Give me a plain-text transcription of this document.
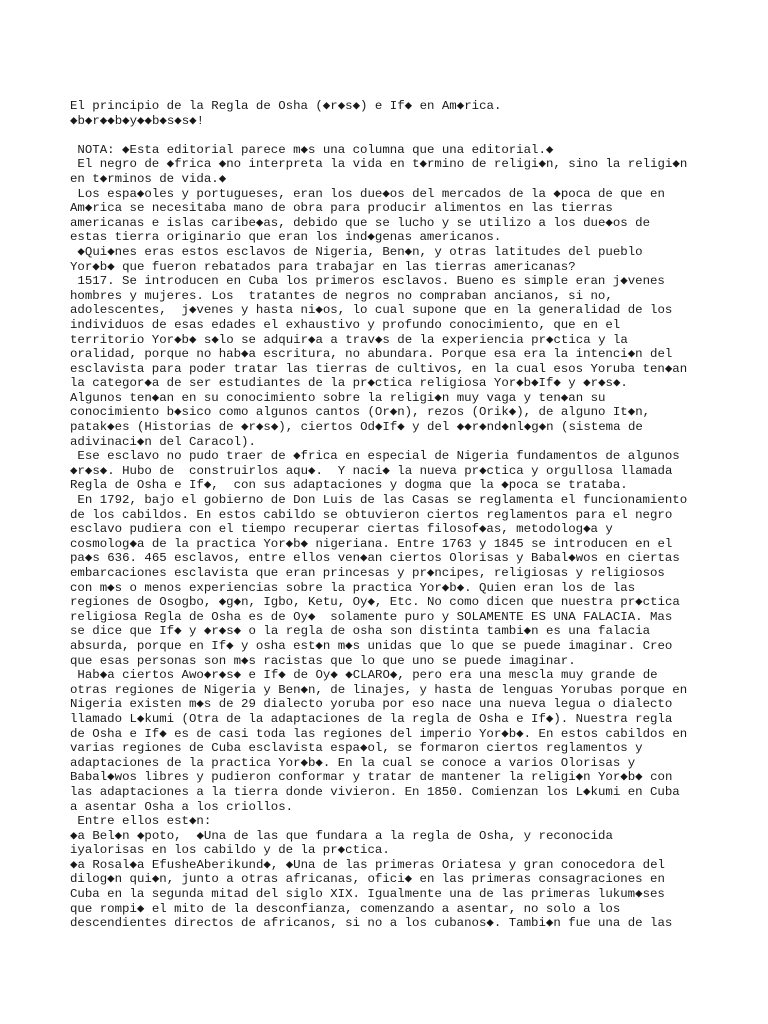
El principio de la Regla de Osha (◆r◆s◆) e If◆ en Am◆rica.
◆b◆r◆◆b◆y◆◆b◆s◆s◆!
NOTA: ◆Esta editorial parece m◆s una columna que una editorial.◆
El negro de ◆frica ◆no interpreta la vida en t◆rmino de religi◆n, sino la religi◆n
en t◆rminos de vida.◆
Los espa◆oles y portugueses, eran los due◆os del mercados de la ◆poca de que en
Am◆rica se necesitaba mano de obra para producir alimentos en las tierras
americanas e islas caribe◆as, debido que se lucho y se utilizo a los due◆os de
estas tierra originario que eran los ind◆genas americanos.
◆Qui◆nes eras estos esclavos de Nigeria, Ben◆n, y otras latitudes del pueblo
Yor◆b◆ que fueron rebatados para trabajar en las tierras americanas?
1517. Se introducen en Cuba los primeros esclavos. Bueno es simple eran j◆venes
hombres y mujeres. Los  tratantes de negros no compraban ancianos, si no,
adolescentes,  j◆venes y hasta ni◆os, lo cual supone que en la generalidad de los
individuos de esas edades el exhaustivo y profundo conocimiento, que en el
territorio Yor◆b◆ s◆lo se adquir◆a a trav◆s de la experiencia pr◆ctica y la
oralidad, porque no hab◆a escritura, no abundara. Porque esa era la intenci◆n del
esclavista para poder tratar las tierras de cultivos, en la cual esos Yoruba ten◆an
la categor◆a de ser estudiantes de la pr◆ctica religiosa Yor◆b◆If◆ y ◆r◆s◆.
Algunos ten◆an en su conocimiento sobre la religi◆n muy vaga y ten◆an su
conocimiento b◆sico como algunos cantos (Or◆n), rezos (Orik◆), de alguno It◆n,
patak◆es (Historias de ◆r◆s◆), ciertos Od◆If◆ y del ◆◆r◆nd◆nl◆g◆n (sistema de
adivinaci◆n del Caracol).
Ese esclavo no pudo traer de ◆frica en especial de Nigeria fundamentos de algunos
◆r◆s◆. Hubo de  construirlos aqu◆.  Y naci◆ la nueva pr◆ctica y orgullosa llamada
Regla de Osha e If◆,  con sus adaptaciones y dogma que la ◆poca se trataba.
En 1792, bajo el gobierno de Don Luis de las Casas se reglamenta el funcionamiento
de los cabildos. En estos cabildo se obtuvieron ciertos reglamentos para el negro
esclavo pudiera con el tiempo recuperar ciertas filosof◆as, metodolog◆a y
cosmolog◆a de la practica Yor◆b◆ nigeriana. Entre 1763 y 1845 se introducen en el
pa◆s 636. 465 esclavos, entre ellos ven◆an ciertos Olorisas y Babal◆wos en ciertas
embarcaciones esclavista que eran princesas y pr◆ncipes, religiosas y religiosos
con m◆s o menos experiencias sobre la practica Yor◆b◆. Quien eran los de las
regiones de Osogbo, ◆g◆n, Igbo, Ketu, Oy◆, Etc. No como dicen que nuestra pr◆ctica
religiosa Regla de Osha es de Oy◆  solamente puro y SOLAMENTE ES UNA FALACIA. Mas
se dice que If◆ y ◆r◆s◆ o la regla de osha son distinta tambi◆n es una falacia
absurda, porque en If◆ y osha est◆n m◆s unidas que lo que se puede imaginar. Creo
que esas personas son m◆s racistas que lo que uno se puede imaginar.
Hab◆a ciertos Awo◆r◆s◆ e If◆ de Oy◆ ◆CLARO◆, pero era una mescla muy grande de
otras regiones de Nigeria y Ben◆n, de linajes, y hasta de lenguas Yorubas porque en
Nigeria existen m◆s de 29 dialecto yoruba por eso nace una nueva legua o dialecto
llamado L◆kumi (Otra de la adaptaciones de la regla de Osha e If◆). Nuestra regla
de Osha e If◆ es de casi toda las regiones del imperio Yor◆b◆. En estos cabildos en
varias regiones de Cuba esclavista espa◆ol, se formaron ciertos reglamentos y
adaptaciones de la practica Yor◆b◆. En la cual se conoce a varios Olorisas y
Babal◆wos libres y pudieron conformar y tratar de mantener la religi◆n Yor◆b◆ con
las adaptaciones a la tierra donde vivieron. En 1850. Comienzan los L◆kumi en Cuba
a asentar Osha a los criollos.
Entre ellos est◆n:
◆a Bel◆n ◆poto,  ◆Una de las que fundara a la regla de Osha, y reconocida
iyalorisas en los cabildo y de la pr◆ctica.
◆a Rosal◆a EfusheAberikund◆, ◆Una de las primeras Oriatesa y gran conocedora del
dilog◆n qui◆n, junto a otras africanas, ofici◆ en las primeras consagraciones en
Cuba en la segunda mitad del siglo XIX. Igualmente una de las primeras lukum◆ses
que rompi◆ el mito de la desconfianza, comenzando a asentar, no solo a los
descendientes directos de africanos, si no a los cubanos◆. Tambi◆n fue una de las
